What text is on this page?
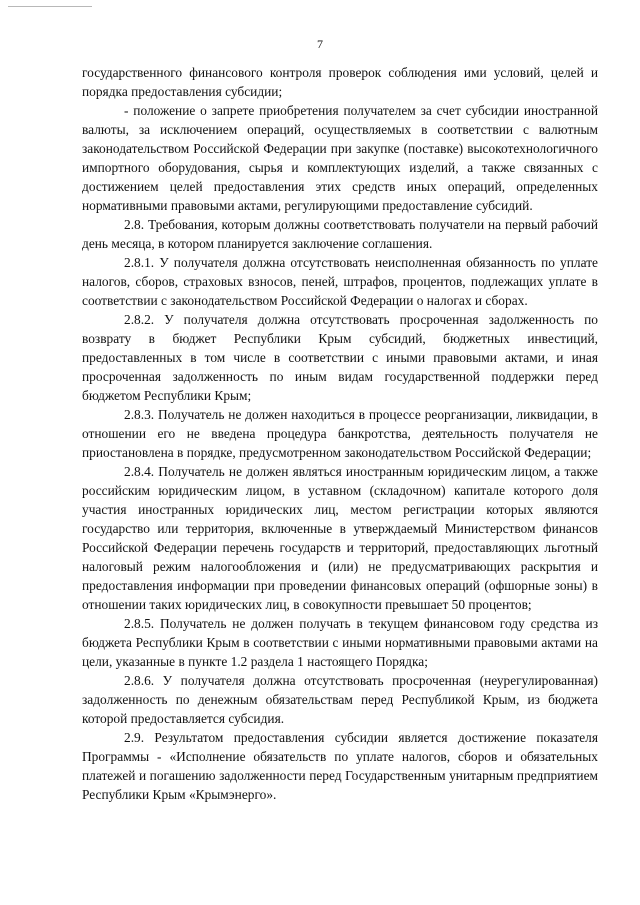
7

государственного финансового контроля проверок соблюдения ими условий, целей и порядка предоставления субсидии;

- положение о запрете приобретения получателем за счет субсидии иностранной валюты, за исключением операций, осуществляемых в соответствии с валютным законодательством Российской Федерации при закупке (поставке) высокотехнологичного импортного оборудования, сырья и комплектующих изделий, а также связанных с достижением целей предоставления этих средств иных операций, определенных нормативными правовыми актами, регулирующими предоставление субсидий.

2.8. Требования, которым должны соответствовать получатели на первый рабочий день месяца, в котором планируется заключение соглашения.

2.8.1. У получателя должна отсутствовать неисполненная обязанность по уплате налогов, сборов, страховых взносов, пеней, штрафов, процентов, подлежащих уплате в соответствии с законодательством Российской Федерации о налогах и сборах.

2.8.2. У получателя должна отсутствовать просроченная задолженность по возврату в бюджет Республики Крым субсидий, бюджетных инвестиций, предоставленных в том числе в соответствии с иными правовыми актами, и иная просроченная задолженность по иным видам государственной поддержки перед бюджетом Республики Крым;

2.8.3. Получатель не должен находиться в процессе реорганизации, ликвидации, в отношении его не введена процедура банкротства, деятельность получателя не приостановлена в порядке, предусмотренном законодательством Российской Федерации;

2.8.4. Получатель не должен являться иностранным юридическим лицом, а также российским юридическим лицом, в уставном (складочном) капитале которого доля участия иностранных юридических лиц, местом регистрации которых являются государство или территория, включенные в утверждаемый Министерством финансов Российской Федерации перечень государств и территорий, предоставляющих льготный налоговый режим налогообложения и (или) не предусматривающих раскрытия и предоставления информации при проведении финансовых операций (офшорные зоны) в отношении таких юридических лиц, в совокупности превышает 50 процентов;

2.8.5. Получатель не должен получать в текущем финансовом году средства из бюджета Республики Крым в соответствии с иными нормативными правовыми актами на цели, указанные в пункте 1.2 раздела 1 настоящего Порядка;

2.8.6. У получателя должна отсутствовать просроченная (неурегулированная) задолженность по денежным обязательствам перед Республикой Крым, из бюджета которой предоставляется субсидия.

2.9. Результатом предоставления субсидии является достижение показателя Программы - «Исполнение обязательств по уплате налогов, сборов и обязательных платежей и погашению задолженности перед Государственным унитарным предприятием Республики Крым «Крымэнерго».
